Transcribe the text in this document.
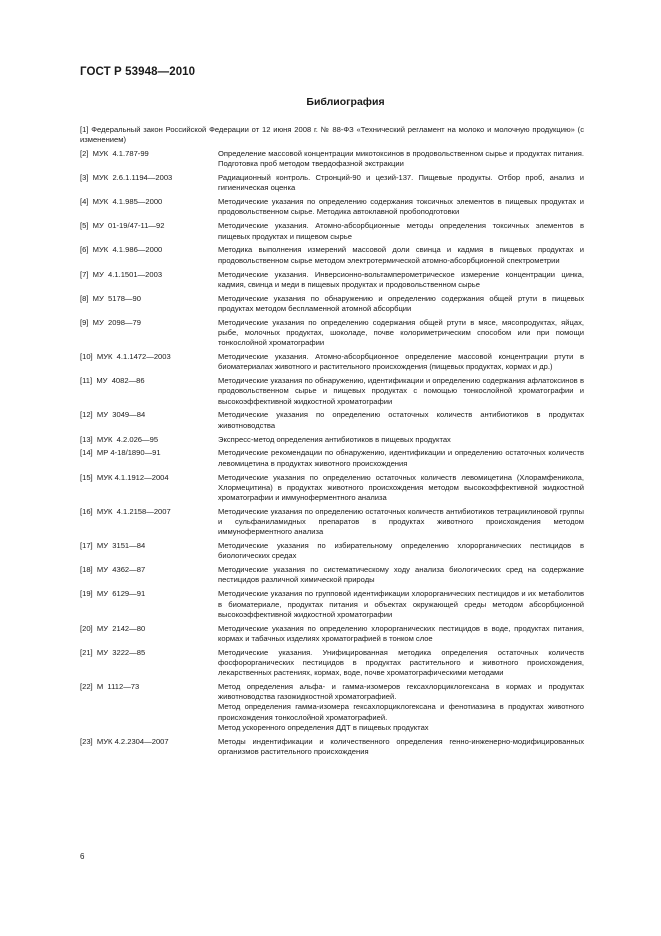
ГОСТ Р 53948—2010
Библиография
[1] Федеральный закон Российской Федерации от 12 июня 2008 г. № 88-ФЗ «Технический регламент на молоко и молочную продукцию» (с изменением)
[2]  МУК  4.1.787-99	Определение массовой концентрации микотоксинов в продовольственном сырье и продуктах питания. Подготовка проб методом твердофазной экстракции

[3]  МУК  2.6.1.1194—2003	Радиационный контроль. Стронций-90 и цезий-137. Пищевые продукты. Отбор проб, анализ и гигиеническая оценка

[4]  МУК  4.1.985—2000	Методические указания по определению содержания токсичных элементов в пищевых продуктах и продовольственном сырье. Методика автоклавной пробоподготовки

[5]  МУ  01-19/47-11—92	Методические указания. Атомно-абсорбционные методы определения токсичных элементов в пищевых продуктах и пищевом сырье

[6]  МУК  4.1.986—2000	Методика выполнения измерений массовой доли свинца и кадмия в пищевых продуктах и продовольственном сырье методом электротермической атомно-абсорбционной спектрометрии

[7]  МУ  4.1.1501—2003	Методические указания. Инверсионно-вольтамперометрическое измерение концентрации цинка, кадмия, свинца и меди в пищевых продуктах и продовольственном сырье

[8]  МУ  5178—90	Методические указания по обнаружению и определению содержания общей ртути в пищевых продуктах методом беспламенной атомной абсорбции

[9]  МУ  2098—79	Методические указания по определению содержания общей ртути в мясе, мясопродуктах, яйцах, рыбе, молочных продуктах, шоколаде, почве колориметрическим способом или при помощи тонкослойной хроматографии

[10]  МУК  4.1.1472—2003	Методические указания. Атомно-абсорбционное определение массовой концентрации ртути в биоматериалах животного и растительного происхождения (пищевых продуктах, кормах и др.)

[11]  МУ  4082—86	Методические указания по обнаружению, идентификации и определению содержания афлатоксинов в продовольственном сырье и пищевых продуктах с помощью тонкослойной хроматографии и высокоэффективной жидкостной хроматографии

[12]  МУ  3049—84	Методические указания по определению остаточных количеств антибиотиков в продуктах животноводства

[13]  МУК  4.2.026—95	Экспресс-метод определения антибиотиков в пищевых продуктах

[14]  МР 4-18/1890—91	Методические рекомендации по обнаружению, идентификации и определению остаточных количеств левомицетина в продуктах животного происхождения

[15]  МУК 4.1.1912—2004	Методические указания по определению остаточных количеств левомицетина (Хлорамфеникола, Хлормецитина) в продуктах животного происхождения методом высокоэффективной жидкостной хроматографии и иммуноферментного анализа

[16]  МУК  4.1.2158—2007	Методические указания по определению остаточных количеств антибиотиков тетрациклиновой группы и сульфаниламидных препаратов в продуктах животного происхождения методом иммуноферментного анализа

[17]  МУ  3151—84	Методические указания по избирательному определению хлорорганических пестицидов в биологических средах

[18]  МУ  4362—87	Методические указания по систематическому ходу анализа биологических сред на содержание пестицидов различной химической природы

[19]  МУ  6129—91	Методические указания по групповой идентификации хлорорганических пестицидов и их метаболитов в биоматериале, продуктах питания и объектах окружающей среды методом абсорбционной высокоэффективной жидкостной хроматографии

[20]  МУ  2142—80	Методические указания по определению хлорорганических пестицидов в воде, продуктах питания, кормах и табачных изделиях хроматографией в тонком слое

[21]  МУ  3222—85	Методические указания. Унифицированная методика определения остаточных количеств фосфорорганических пестицидов в продуктах растительного и животного происхождения, лекарственных растениях, кормах, воде, почве хроматографическими методами

[22]  М  1112—73	Метод определения альфа- и гамма-изомеров гексахлорциклогексана в кормах и продуктах животноводства газожидкостной хроматографией.

Метод определения гамма-изомера гексахлорциклогексана и фенотиазина в продуктах животного происхождения тонкослойной хроматографией.

Метод ускоренного определения ДДТ в пищевых продуктах

[23]  МУК 4.2.2304—2007	Методы индентификации и количественного определения генно-инженерно-модифицированных организмов растительного происхождения

6
